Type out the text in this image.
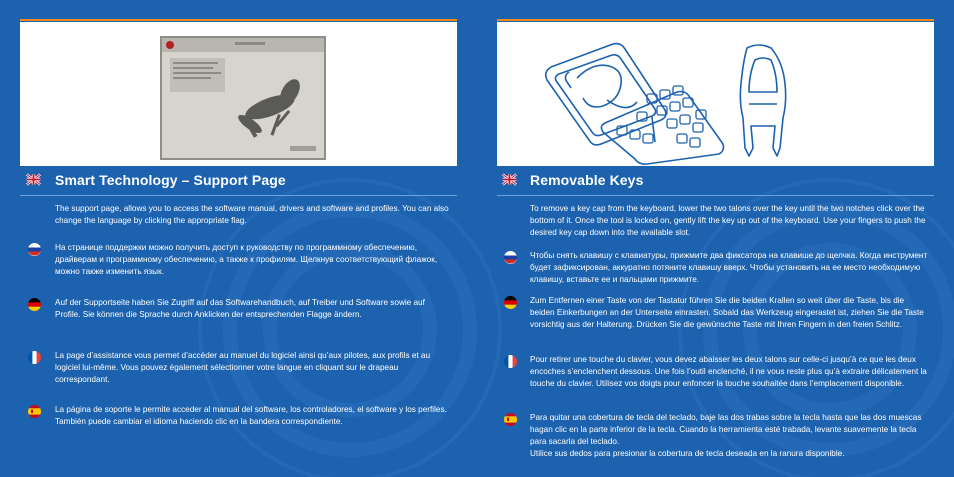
Smart Technology – Support Page
The support page, allows you to access the software manual, drivers and software and profiles. You can also change the language by clicking the appropriate flag.
На странице поддержки можно получить доступ к руководству по программному обеспечению, драйверам и программному обеспечению, а также к профилям. Щелкнув соответствующий флажок, можно также изменить язык.
Auf der Supportseite haben Sie Zugriff auf das Softwarehandbuch, auf Treiber und Software sowie auf Profile. Sie können die Sprache durch Anklicken der entsprechenden Flagge ändern.
La page d’assistance vous permet d’accéder au manuel du logiciel ainsi qu’aux pilotes, aux profils et au logiciel lui-même. Vous pouvez également sélectionner votre langue en cliquant sur le drapeau correspondant.
La página de soporte le permite acceder al manual del software, los controladores, el software y los perfiles. También puede cambiar el idioma haciendo clic en la bandera correspondiente.
Removable Keys
To remove a key cap from the keyboard, lower the two talons over the key until the two notches click over the bottom of it. Once the tool is locked on, gently lift the key up out of the keyboard. Use your fingers to push the desired key cap down into the available slot.
Чтобы снять клавишу с клавиатуры, прижмите два фиксатора на клавише до щелчка. Когда инструмент будет зафиксирован, аккуратно потяните клавишу вверх. Чтобы установить на ее место необходимую клавишу, вставьте ее и пальцами прижмите.
Zum Entfernen einer Taste von der Tastatur führen Sie die beiden Krallen so weit über die Taste, bis die beiden Einkerbungen an der Unterseite einrasten. Sobald das Werkzeug eingerastet ist, ziehen Sie die Taste vorsichtig aus der Halterung. Drücken Sie die gewünschte Taste mit Ihren Fingern in den freien Schlitz.
Pour retirer une touche du clavier, vous devez abaisser les deux talons sur celle-ci jusqu’à ce que les deux encoches s’enclenchent dessous. Une fois l’outil enclenché, il ne vous reste plus qu’à extraire délicatement la touche du clavier. Utilisez vos doigts pour enfoncer la touche souhaitée dans l’emplacement disponible.
Para quitar una cobertura de tecla del teclado, baje las dos trabas sobre la tecla hasta que las dos muescas hagan clic en la parte inferior de la tecla. Cuando la herramienta esté trabada, levante suavemente la tecla para sacarla del teclado.
Utilice sus dedos para presionar la cobertura de tecla deseada en la ranura disponible.
